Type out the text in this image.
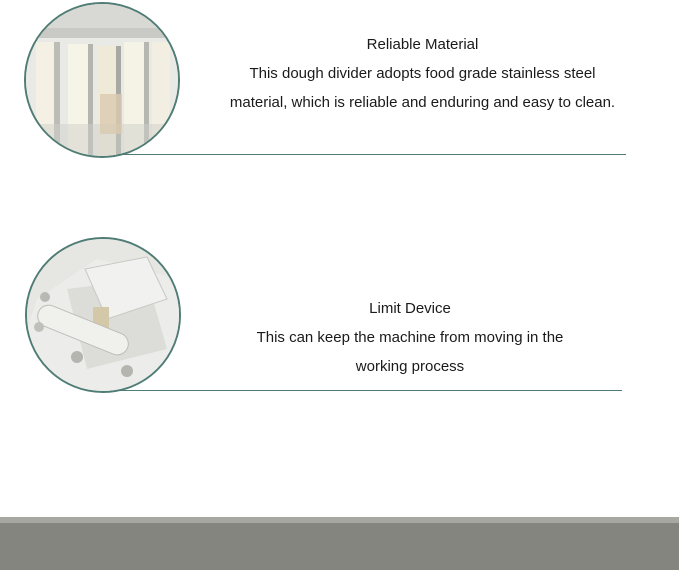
Reliable Material
This dough divider adopts food grade stainless steel
material, which is reliable and enduring and easy to clean.
Limit Device
This can keep the machine from moving in the
working process
